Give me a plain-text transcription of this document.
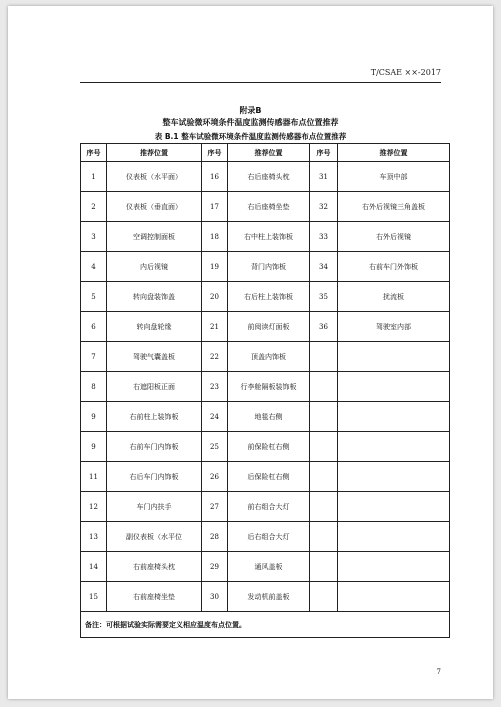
T/CSAE ××-2017
附录B
整车试验微环境条件温度监测传感器布点位置推荐
表 B.1 整车试验微环境条件温度监测传感器布点位置推荐
序号	推荐位置	序号	推荐位置	序号	推荐位置
1	仪表板（水平面）	16	右后座椅头枕	31	车顶中部
2	仪表板（垂直面）	17	右后座椅坐垫	32	右外后视镜三角盖板
3	空调控制面板	18	右中柱上装饰板	33	右外后视镜
4	内后视镜	19	背门内饰板	34	右前车门外饰板
5	转向盘装饰盖	20	右后柱上装饰板	35	扰流板
6	转向盘轮缘	21	前阅读灯面板	36	驾驶室内部
7	驾驶气囊盖板	22	顶盖内饰板		
8	右遮阳板正面	23	行李舱隔板装饰板		
9	右前柱上装饰板	24	地毯右侧		
9	右前车门内饰板	25	前保险杠右侧		
11	右后车门内饰板	26	后保险杠右侧		
12	车门内扶手	27	前右组合大灯		
13	副仪表板（水平位	28	后右组合大灯		
14	右前座椅头枕	29	通风盖板		
15	右前座椅坐垫	30	发动机前盖板		
备注：可根据试验实际需要定义相应温度布点位置。					
7
